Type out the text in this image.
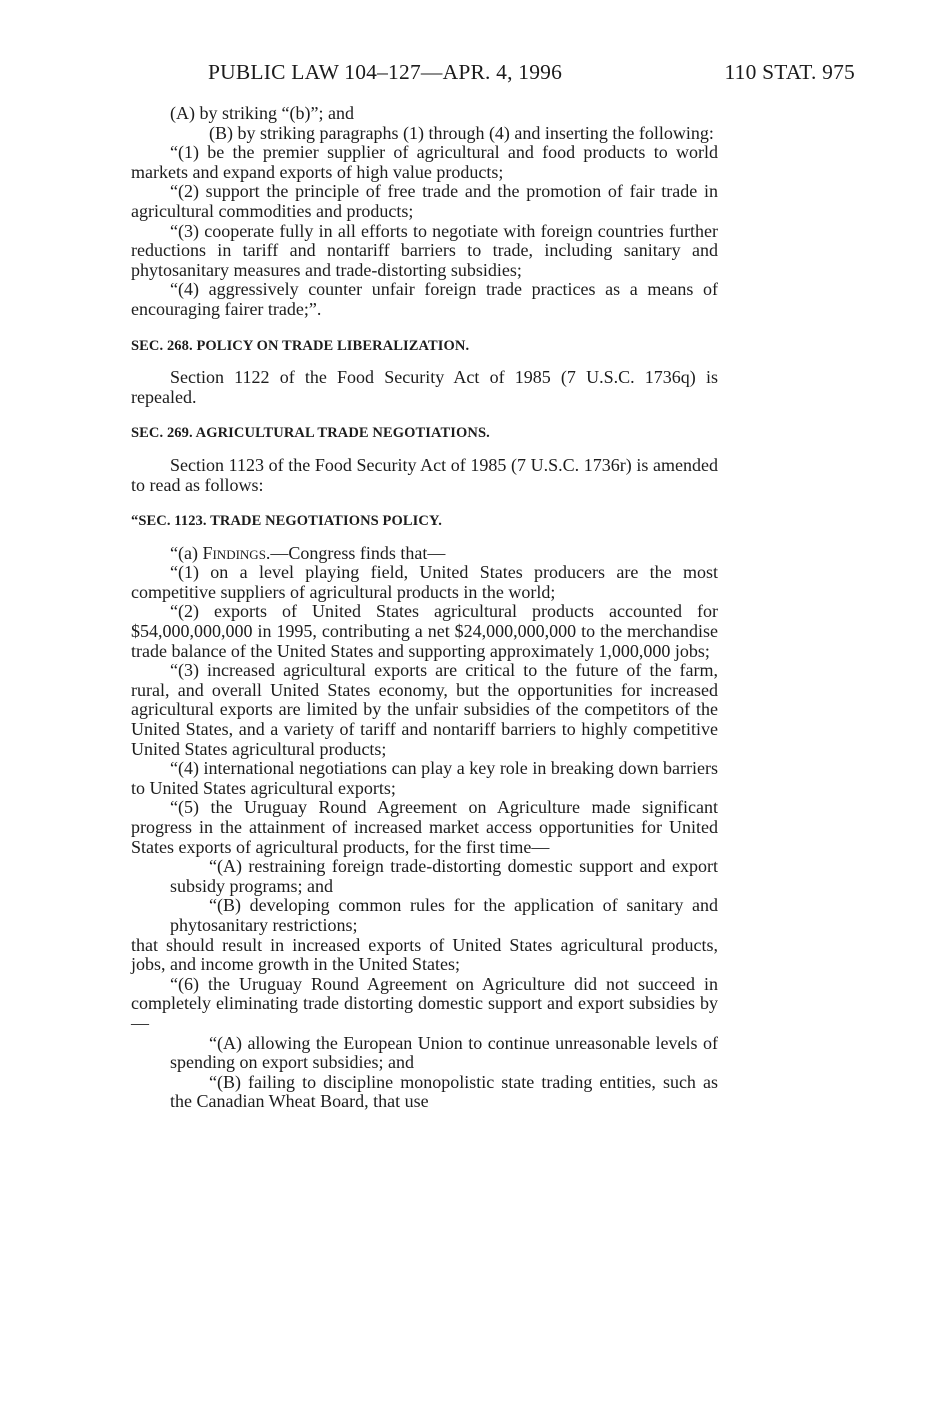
PUBLIC LAW 104–127—APR. 4, 1996	110 STAT. 975

(A) by striking “(b)”; and

(B) by striking paragraphs (1) through (4) and inserting the following:

“(1) be the premier supplier of agricultural and food products to world markets and expand exports of high value products;

“(2) support the principle of free trade and the promotion of fair trade in agricultural commodities and products;

“(3) cooperate fully in all efforts to negotiate with foreign countries further reductions in tariff and nontariff barriers to trade, including sanitary and phytosanitary measures and trade-distorting subsidies;

“(4) aggressively counter unfair foreign trade practices as a means of encouraging fairer trade;”.

SEC. 268. POLICY ON TRADE LIBERALIZATION.

Section 1122 of the Food Security Act of 1985 (7 U.S.C. 1736q) is repealed.

SEC. 269. AGRICULTURAL TRADE NEGOTIATIONS.

Section 1123 of the Food Security Act of 1985 (7 U.S.C. 1736r) is amended to read as follows:

“SEC. 1123. TRADE NEGOTIATIONS POLICY.

“(a) Findings.—Congress finds that—

“(1) on a level playing field, United States producers are the most competitive suppliers of agricultural products in the world;

“(2) exports of United States agricultural products accounted for $54,000,000,000 in 1995, contributing a net $24,000,000,000 to the merchandise trade balance of the United States and supporting approximately 1,000,000 jobs;

“(3) increased agricultural exports are critical to the future of the farm, rural, and overall United States economy, but the opportunities for increased agricultural exports are limited by the unfair subsidies of the competitors of the United States, and a variety of tariff and nontariff barriers to highly competitive United States agricultural products;

“(4) international negotiations can play a key role in breaking down barriers to United States agricultural exports;

“(5) the Uruguay Round Agreement on Agriculture made significant progress in the attainment of increased market access opportunities for United States exports of agricultural products, for the first time—

“(A) restraining foreign trade-distorting domestic support and export subsidy programs; and

“(B) developing common rules for the application of sanitary and phytosanitary restrictions;

that should result in increased exports of United States agricultural products, jobs, and income growth in the United States;

“(6) the Uruguay Round Agreement on Agriculture did not succeed in completely eliminating trade distorting domestic support and export subsidies by—

“(A) allowing the European Union to continue unreasonable levels of spending on export subsidies; and

“(B) failing to discipline monopolistic state trading entities, such as the Canadian Wheat Board, that use
